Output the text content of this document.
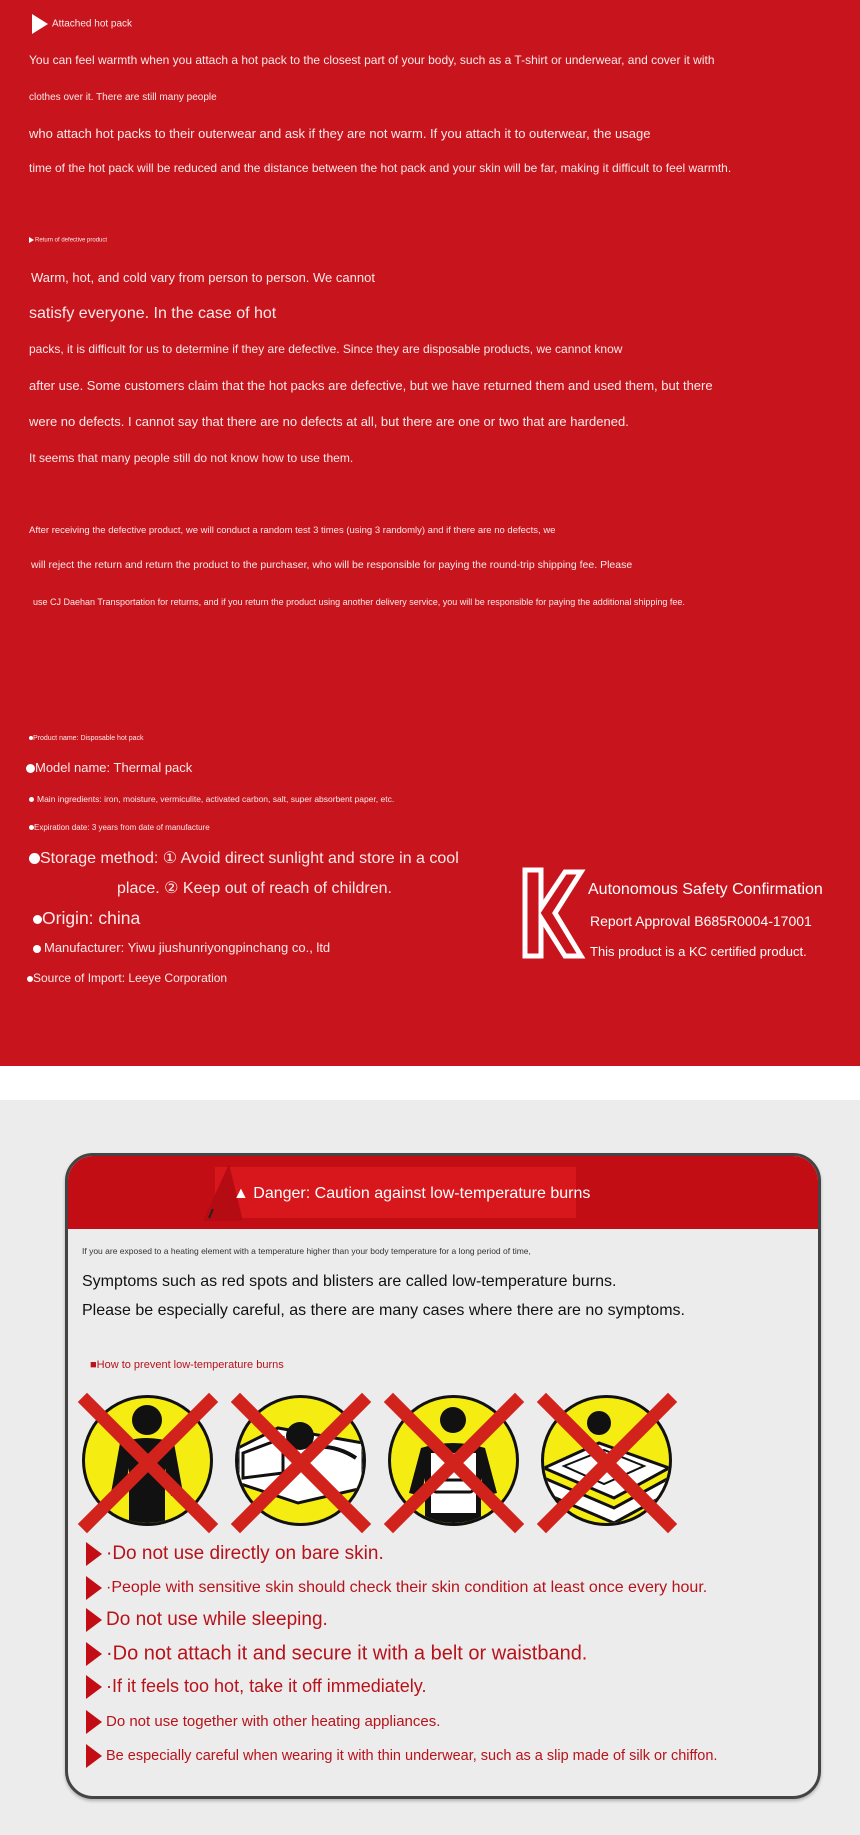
Attached hot pack
You can feel warmth when you attach a hot pack to the closest part of your body, such as a T-shirt or underwear, and cover it with
clothes over it. There are still many people
who attach hot packs to their outerwear and ask if they are not warm. If you attach it to outerwear, the usage
time of the hot pack will be reduced and the distance between the hot pack and your skin will be far, making it difficult to feel warmth.
Return of defective product
Warm, hot, and cold vary from person to person. We cannot
satisfy everyone. In the case of hot
packs, it is difficult for us to determine if they are defective. Since they are disposable products, we cannot know
after use. Some customers claim that the hot packs are defective, but we have returned them and used them, but there
were no defects. I cannot say that there are no defects at all, but there are one or two that are hardened.
It seems that many people still do not know how to use them.
After receiving the defective product, we will conduct a random test 3 times (using 3 randomly) and if there are no defects, we
will reject the return and return the product to the purchaser, who will be responsible for paying the round-trip shipping fee. Please
use CJ Daehan Transportation for returns, and if you return the product using another delivery service, you will be responsible for paying the additional shipping fee.
Product name: Disposable hot pack
Model name: Thermal pack
Main ingredients: iron, moisture, vermiculite, activated carbon, salt, super absorbent paper, etc.
Expiration date: 3 years from date of manufacture
Storage method: ① Avoid direct sunlight and store in a cool
place. ② Keep out of reach of children.
Origin: china
Manufacturer: Yiwu jiushunriyongpinchang co., ltd
Source of Import: Leeye Corporation
KC
Autonomous Safety Confirmation
Report Approval B685R0004-17001
This product is a KC certified product.
▲ Danger: Caution against low-temperature burns
If you are exposed to a heating element with a temperature higher than your body temperature for a long period of time,
Symptoms such as red spots and blisters are called low-temperature burns.
Please be especially careful, as there are many cases where there are no symptoms.
■How to prevent low-temperature burns
·Do not use directly on bare skin.
·People with sensitive skin should check their skin condition at least once every hour.
Do not use while sleeping.
·Do not attach it and secure it with a belt or waistband.
·If it feels too hot, take it off immediately.
Do not use together with other heating appliances.
Be especially careful when wearing it with thin underwear, such as a slip made of silk or chiffon.
